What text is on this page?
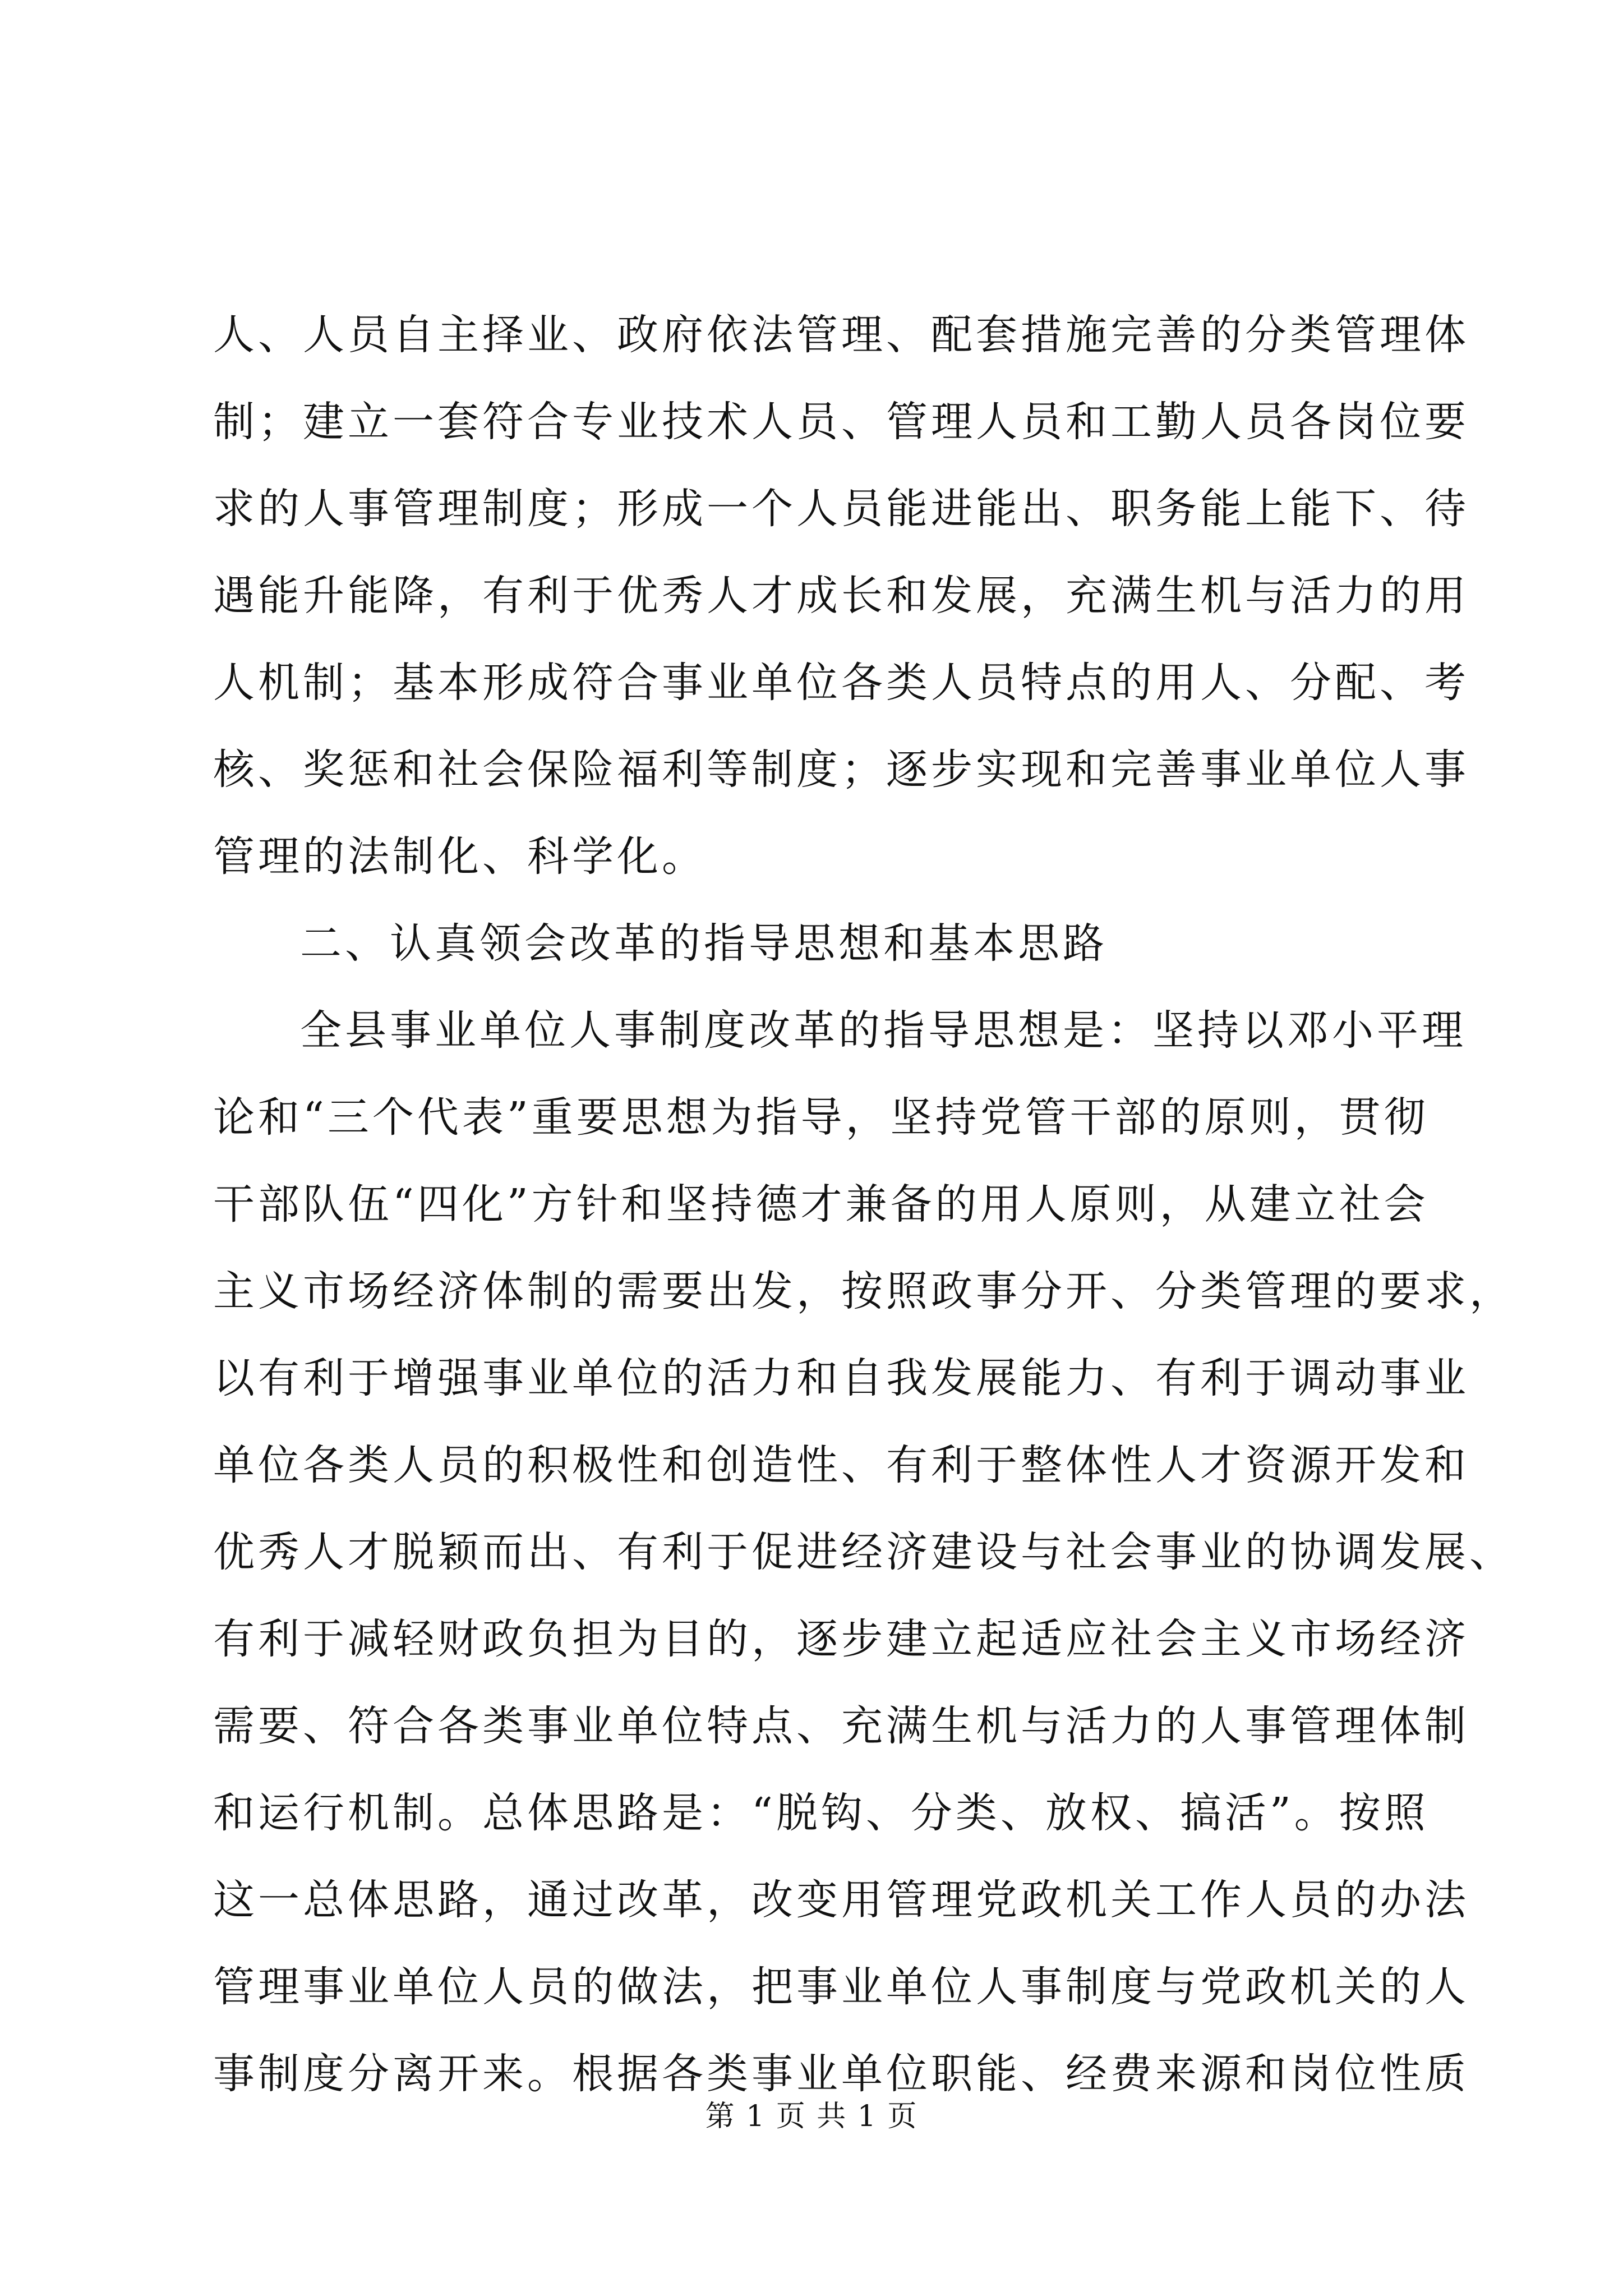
人、人员自主择业、政府依法管理、配套措施完善的分类管理体
制；建立一套符合专业技术人员、管理人员和工勤人员各岗位要
求的人事管理制度；形成一个人员能进能出、职务能上能下、待
遇能升能降，有利于优秀人才成长和发展，充满生机与活力的用
人机制；基本形成符合事业单位各类人员特点的用人、分配、考
核、奖惩和社会保险福利等制度；逐步实现和完善事业单位人事
管理的法制化、科学化。
二、认真领会改革的指导思想和基本思路
全县事业单位人事制度改革的指导思想是：坚持以邓小平理
论和“三个代表”重要思想为指导，坚持党管干部的原则，贯彻
干部队伍“四化”方针和坚持德才兼备的用人原则，从建立社会
主义市场经济体制的需要出发，按照政事分开、分类管理的要求，
以有利于增强事业单位的活力和自我发展能力、有利于调动事业
单位各类人员的积极性和创造性、有利于整体性人才资源开发和
优秀人才脱颖而出、有利于促进经济建设与社会事业的协调发展、
有利于减轻财政负担为目的，逐步建立起适应社会主义市场经济
需要、符合各类事业单位特点、充满生机与活力的人事管理体制
和运行机制。总体思路是：“脱钩、分类、放权、搞活”。按照
这一总体思路，通过改革，改变用管理党政机关工作人员的办法
管理事业单位人员的做法，把事业单位人事制度与党政机关的人
事制度分离开来。根据各类事业单位职能、经费来源和岗位性质
第 1 页 共 1 页
